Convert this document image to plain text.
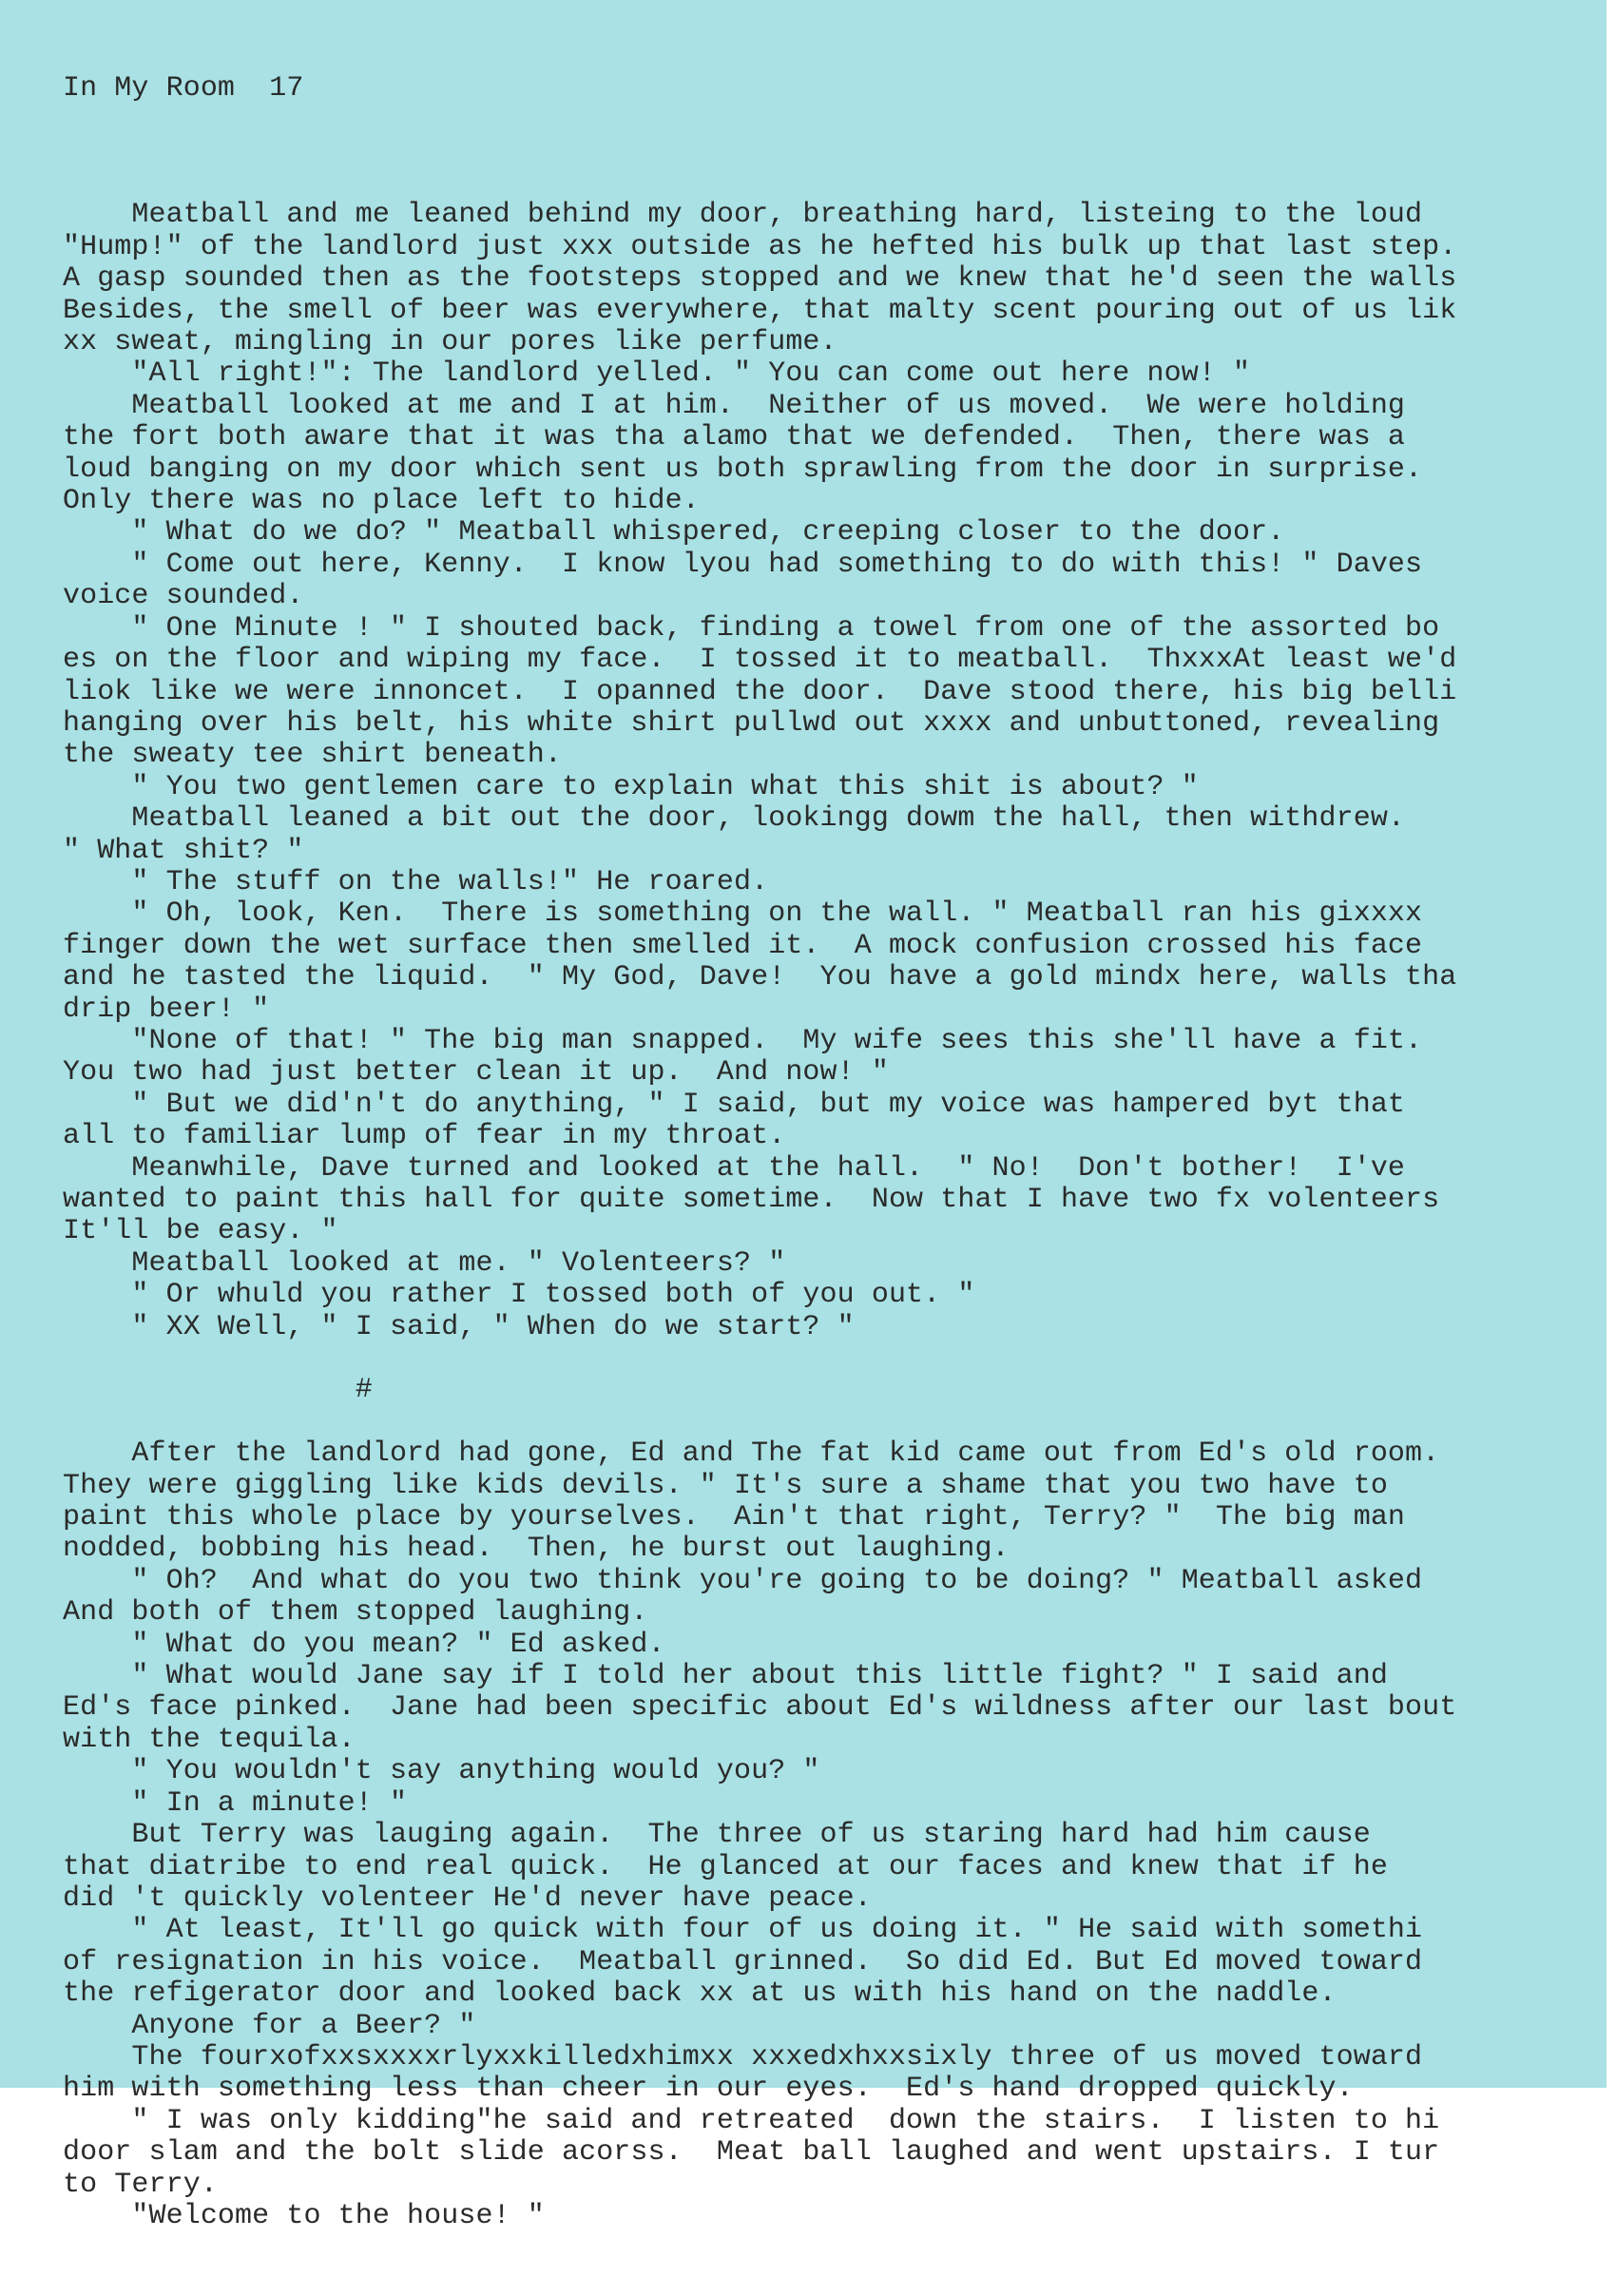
In My Room  17

Meatball and me leaned behind my door, breathing hard, listeing to the loud
"Hump!" of the landlord just xxx outside as he hefted his bulk up that last step.
A gasp sounded then as the footsteps stopped and we knew that he'd seen the walls
Besides, the smell of beer was everywhere, that malty scent pouring out of us lik
xx sweat, mingling in our pores like perfume.
"All right!": The landlord yelled. " You can come out here now! "
Meatball looked at me and I at him.  Neither of us moved.  We were holding
the fort both aware that it was tha alamo that we defended.  Then, there was a
loud banging on my door which sent us both sprawling from the door in surprise.
Only there was no place left to hide.
" What do we do? " Meatball whispered, creeping closer to the door.
" Come out here, Kenny.  I know lyou had something to do with this! " Daves
voice sounded.
" One Minute ! " I shouted back, finding a towel from one of the assorted bo
es on the floor and wiping my face.  I tossed it to meatball.  ThxxxAt least we'd
liok like we were innoncet.  I opanned the door.  Dave stood there, his big belli
hanging over his belt, his white shirt pullwd out xxxx and unbuttoned, revealing
the sweaty tee shirt beneath.
" You two gentlemen care to explain what this shit is about? "
Meatball leaned a bit out the door, lookingg dowm the hall, then withdrew.
" What shit? "
" The stuff on the walls!" He roared.
" Oh, look, Ken.  There is something on the wall. " Meatball ran his gixxxx
finger down the wet surface then smelled it.  A mock confusion crossed his face
and he tasted the liquid.  " My God, Dave!  You have a gold mindx here, walls tha
drip beer! "
"None of that! " The big man snapped.  My wife sees this she'll have a fit.
You two had just better clean it up.  And now! "
" But we did'n't do anything, " I said, but my voice was hampered byt that
all to familiar lump of fear in my throat.
Meanwhile, Dave turned and looked at the hall.  " No!  Don't bother!  I've
wanted to paint this hall for quite sometime.  Now that I have two fx volenteers
It'll be easy. "
Meatball looked at me. " Volenteers? "
" Or whuld you rather I tossed both of you out. "
" XX Well, " I said, " When do we start? "
#
After the landlord had gone, Ed and The fat kid came out from Ed's old room.
They were giggling like kids devils. " It's sure a shame that you two have to
paint this whole place by yourselves.  Ain't that right, Terry? "  The big man
nodded, bobbing his head.  Then, he burst out laughing.
" Oh?  And what do you two think you're going to be doing? " Meatball asked
And both of them stopped laughing.
" What do you mean? " Ed asked.
" What would Jane say if I told her about this little fight? " I said and
Ed's face pinked.  Jane had been specific about Ed's wildness after our last bout
with the tequila.
" You wouldn't say anything would you? "
" In a minute! "
But Terry was lauging again.  The three of us staring hard had him cause
that diatribe to end real quick.  He glanced at our faces and knew that if he
did 't quickly volenteer He'd never have peace.
" At least, It'll go quick with four of us doing it. " He said with somethi
of resignation in his voice.  Meatball grinned.  So did Ed. But Ed moved toward
the refigerator door and looked back xx at us with his hand on the naddle.
Anyone for a Beer? "
The fourxofxxsxxxxrlyxxkilledxhimxx xxxedxhxxsixly three of us moved toward
him with something less than cheer in our eyes.  Ed's hand dropped quickly.
" I was only kidding"he said and retreated  down the stairs.  I listen to hi
door slam and the bolt slide acorss.  Meat ball laughed and went upstairs. I tur
to Terry.
"Welcome to the house! "
